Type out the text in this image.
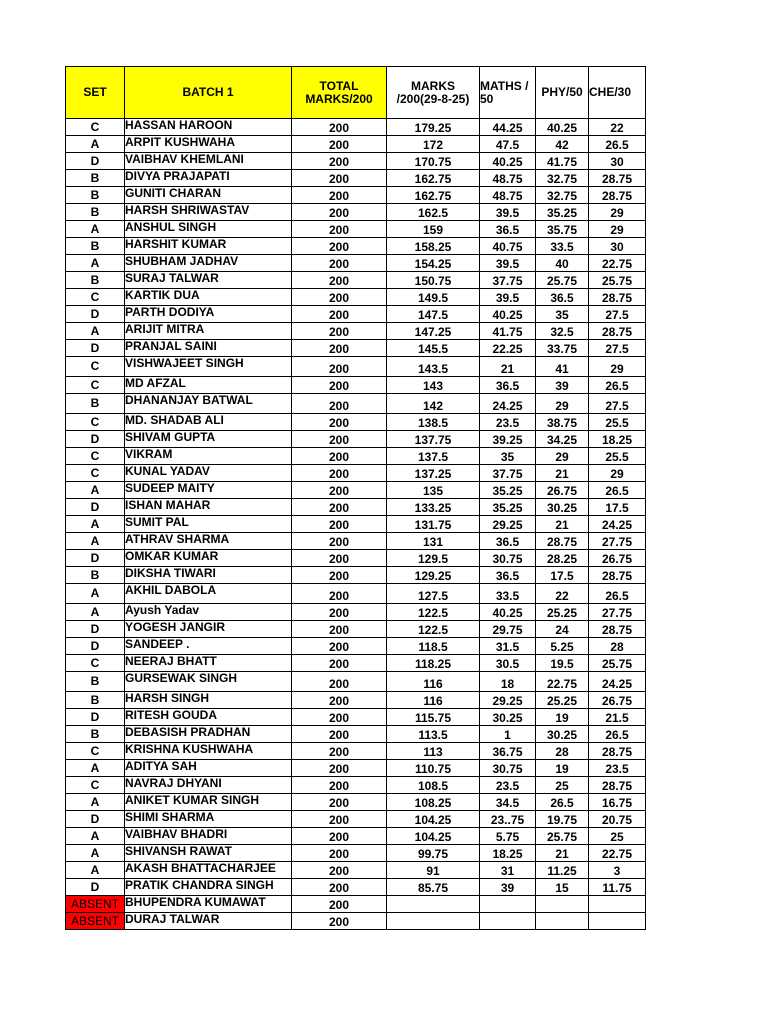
SET	BATCH 1	TOTAL MARKS/200	MARKS /200(29-8-25)	MATHS / 50	PHY/50	CHE/30
C	HASSAN HAROON	200	179.25	44.25	40.25	22
A	ARPIT KUSHWAHA	200	172	47.5	42	26.5
D	VAIBHAV KHEMLANI	200	170.75	40.25	41.75	30
B	DIVYA PRAJAPATI	200	162.75	48.75	32.75	28.75
B	GUNITI CHARAN	200	162.75	48.75	32.75	28.75
B	HARSH SHRIWASTAV	200	162.5	39.5	35.25	29
A	ANSHUL SINGH	200	159	36.5	35.75	29
B	HARSHIT KUMAR	200	158.25	40.75	33.5	30
A	SHUBHAM JADHAV	200	154.25	39.5	40	22.75
B	SURAJ TALWAR	200	150.75	37.75	25.75	25.75
C	KARTIK DUA	200	149.5	39.5	36.5	28.75
D	PARTH DODIYA	200	147.5	40.25	35	27.5
A	ARIJIT MITRA	200	147.25	41.75	32.5	28.75
D	PRANJAL SAINI	200	145.5	22.25	33.75	27.5
C	VISHWAJEET SINGH	200	143.5	21	41	29
C	MD AFZAL	200	143	36.5	39	26.5
B	DHANANJAY BATWAL	200	142	24.25	29	27.5
C	MD. SHADAB ALI	200	138.5	23.5	38.75	25.5
D	SHIVAM GUPTA	200	137.75	39.25	34.25	18.25
C	VIKRAM	200	137.5	35	29	25.5
C	KUNAL YADAV	200	137.25	37.75	21	29
A	SUDEEP MAITY	200	135	35.25	26.75	26.5
D	ISHAN MAHAR	200	133.25	35.25	30.25	17.5
A	SUMIT PAL	200	131.75	29.25	21	24.25
A	ATHRAV SHARMA	200	131	36.5	28.75	27.75
D	OMKAR KUMAR	200	129.5	30.75	28.25	26.75
B	DIKSHA TIWARI	200	129.25	36.5	17.5	28.75
A	AKHIL DABOLA	200	127.5	33.5	22	26.5
A	Ayush Yadav	200	122.5	40.25	25.25	27.75
D	YOGESH JANGIR	200	122.5	29.75	24	28.75
D	SANDEEP .	200	118.5	31.5	5.25	28
C	NEERAJ BHATT	200	118.25	30.5	19.5	25.75
B	GURSEWAK SINGH	200	116	18	22.75	24.25
B	HARSH SINGH	200	116	29.25	25.25	26.75
D	RITESH GOUDA	200	115.75	30.25	19	21.5
B	DEBASISH PRADHAN	200	113.5	1	30.25	26.5
C	KRISHNA KUSHWAHA	200	113	36.75	28	28.75
A	ADITYA SAH	200	110.75	30.75	19	23.5
C	NAVRAJ DHYANI	200	108.5	23.5	25	28.75
A	ANIKET KUMAR SINGH	200	108.25	34.5	26.5	16.75
D	SHIMI SHARMA	200	104.25	23..75	19.75	20.75
A	VAIBHAV BHADRI	200	104.25	5.75	25.75	25
A	SHIVANSH RAWAT	200	99.75	18.25	21	22.75
A	AKASH BHATTACHARJEE	200	91	31	11.25	3
D	PRATIK CHANDRA SINGH	200	85.75	39	15	11.75
ABSENT	BHUPENDRA KUMAWAT	200				
ABSENT	DURAJ TALWAR	200				
